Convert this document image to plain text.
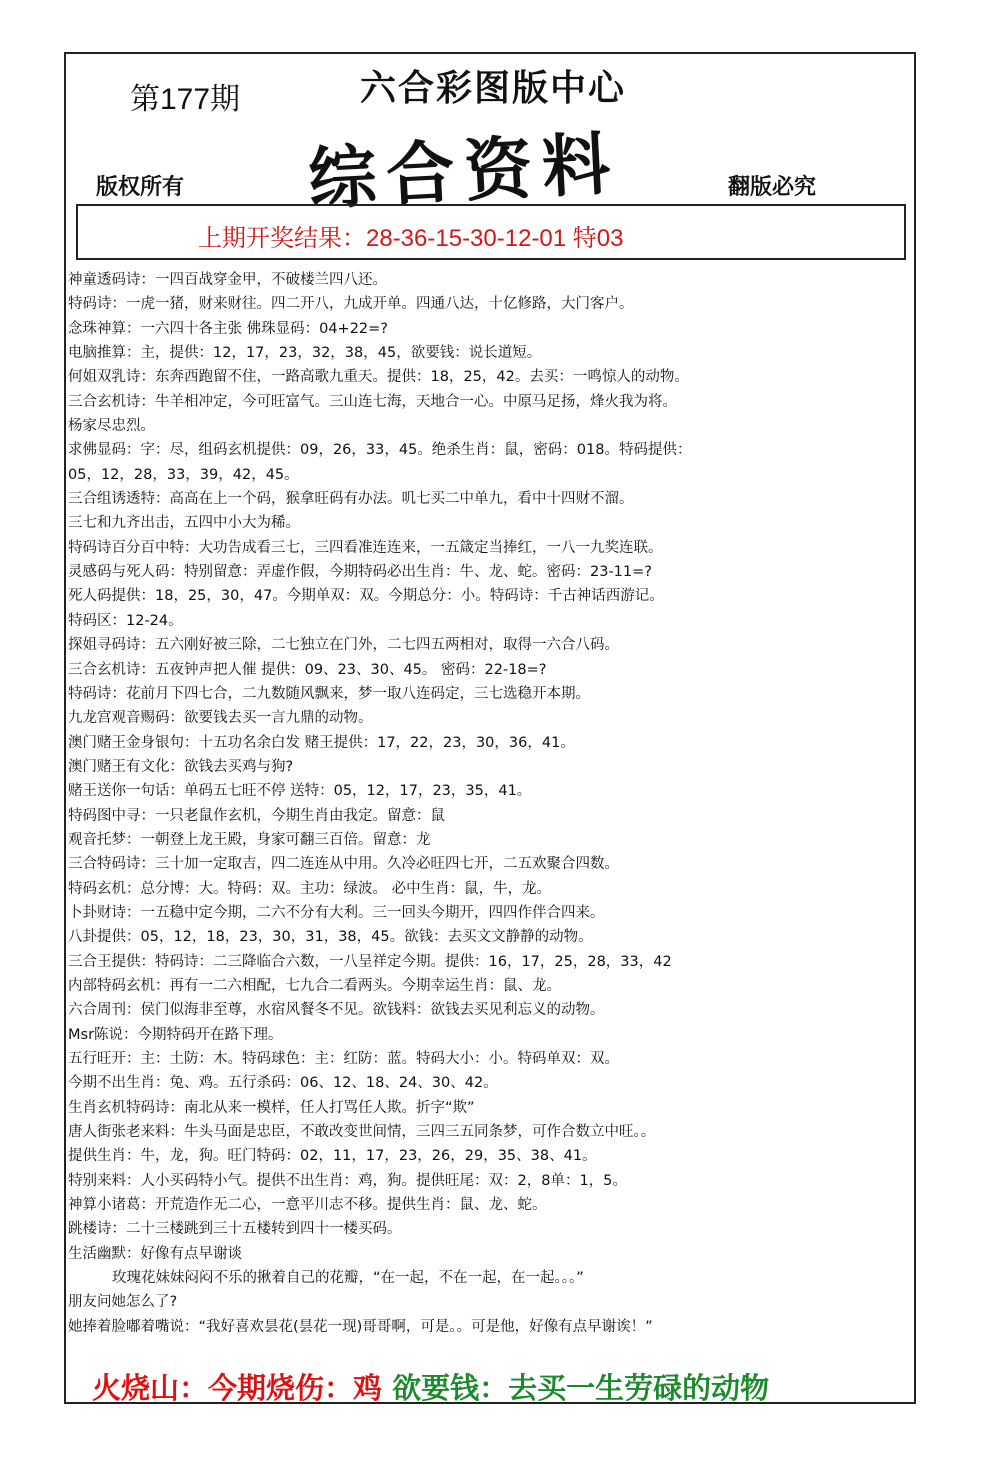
第177期	六合彩图版中心
综合资料
版权所有	翻版必究
上期开奖结果：28-36-15-30-12-01 特03
神童透码诗：一四百战穿金甲，不破楼兰四八还。
特码诗：一虎一猪，财来财往。四二开八，九成开单。四通八达，十亿修路，大门客户。
念珠神算：一六四十各主张 佛珠显码：04+22=?
电脑推算：主，提供：12，17，23，32，38，45，欲要钱：说长道短。
何姐双乳诗：东奔西跑留不住，一路高歌九重天。提供：18，25，42。去买：一鸣惊人的动物。
三合玄机诗：牛羊相冲定，今可旺富气。三山连七海，天地合一心。中原马足扬，烽火我为将。
杨家尽忠烈。
求佛显码：字：尽，组码玄机提供：09，26，33，45。绝杀生肖：鼠，密码：018。特码提供：
05，12，28，33，39，42，45。
三合组诱透特：高高在上一个码，猴拿旺码有办法。叽七买二中单九，看中十四财不溜。
三七和九齐出击，五四中小大为稀。
特码诗百分百中特：大功告成看三七，三四看准连连来，一五箴定当捧红，一八一九奖连联。
灵感码与死人码：特别留意：弄虚作假，今期特码必出生肖：牛、龙、蛇。密码：23-11=?
死人码提供：18，25，30，47。今期单双：双。今期总分：小。特码诗：千古神话西游记。
特码区：12-24。
探姐寻码诗：五六刚好被三除，二七独立在门外，二七四五两相对，取得一六合八码。
三合玄机诗：五夜钟声把人催 提供：09、23、30、45。 密码：22-18=?
特码诗：花前月下四七合，二九数随风飘来，梦一取八连码定，三七选稳开本期。
九龙宫观音赐码：欲要钱去买一言九鼎的动物。
澳门赌王金身银句：十五功名余白发 赌王提供：17，22，23，30，36，41。
澳门赌王有文化：欲钱去买鸡与狗?
赌王送你一句话：单码五七旺不停 送特：05，12，17，23，35，41。
特码图中寻：一只老鼠作玄机，今期生肖由我定。留意：鼠
观音托梦：一朝登上龙王殿，身家可翻三百倍。留意：龙
三合特码诗：三十加一定取吉，四二连连从中用。久冷必旺四七开，二五欢聚合四数。
特码玄机：总分博：大。特码：双。主功：绿波。 必中生肖：鼠，牛，龙。
卜卦财诗：一五稳中定今期，二六不分有大利。三一回头今期开，四四作伴合四来。
八卦提供：05，12，18，23，30，31，38，45。欲钱：去买文文静静的动物。
三合王提供：特码诗：二三降临合六数，一八呈祥定今期。提供：16，17，25，28，33，42
内部特码玄机：再有一二六相配，七九合二看两头。今期幸运生肖：鼠、龙。
六合周刊：侯门似海非至尊，水宿风餐冬不见。欲钱料：欲钱去买见利忘义的动物。
Msr陈说：今期特码开在路下理。
五行旺开：主：土防：木。特码球色：主：红防：蓝。特码大小：小。特码单双：双。
今期不出生肖：兔、鸡。五行杀码：06、12、18、24、30、42。
生肖玄机特码诗：南北从来一模样，任人打骂任人欺。折字“欺”
唐人街张老来料：牛头马面是忠臣，不敢改变世间情，三四三五同条梦，可作合数立中旺。。
提供生肖：牛，龙，狗。旺门特码：02，11，17，23，26，29，35、38、41。
特别来料：人小买码特小气。提供不出生肖：鸡，狗。提供旺尾：双：2，8单：1，5。
神算小诸葛：开荒造作无二心，一意平川志不移。提供生肖：鼠、龙、蛇。
跳楼诗：二十三楼跳到三十五楼转到四十一楼买码。
生活幽默：好像有点早谢谈
玫瑰花妹妹闷闷不乐的揪着自己的花瓣，“在一起，不在一起，在一起。。。”
朋友问她怎么了?
她捧着脸嘟着嘴说：“我好喜欢昙花(昙花一现)哥哥啊，可是。。可是他，好像有点早谢诶！”
火烧山：今期烧伤：鸡 欲要钱：去买一生劳碌的动物
